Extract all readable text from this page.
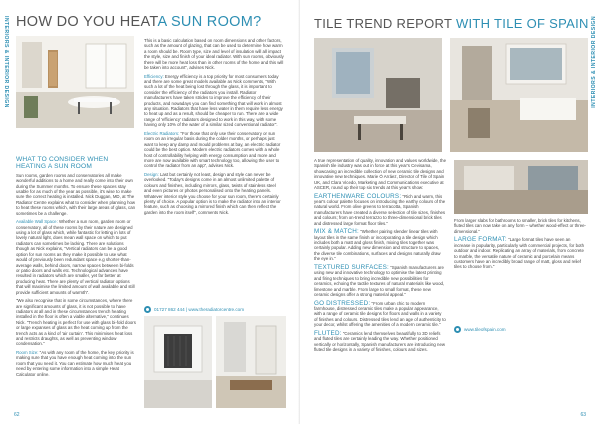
INTERIORS & INTERIOR DESIGN HOW DO YOU HEATA SUN ROOM?
WHAT TO CONSIDER WHEN HEATING A SUN ROOM

Sun rooms, garden rooms and conservatories all make wonderful additions to a home and really come into their own during the Summer months. To ensure these spaces stay usable for as much of the year as possible, it's wise to make sure the correct heating is installed. Nick Duggan, MD, at The Radiator Centre explains what to consider when planning how to heat these rooms which, with their large areas of glass, can sometimes be a challenge.

Available Wall Space: Whether a sun room, garden room or conservatory, all of these rooms by their nature are designed using a lot of glass which, while fantastic for letting in lots of lovely natural light, does mean wall space on which to put radiators can sometimes be lacking. There are solutions though as Nick explains, "Vertical radiators can be a good option for sun rooms as they make it possible to use what would of previously been redundant space e.g shorter-than-average walls, behind doors, narrow spaces between bi-folds or patio doors and walls etc. Technological advances have resulted in radiators which are smaller, yet far better at producing heat. There are plenty of vertical radiator options that will maximise the limited amount of wall available and still provide sufficient amounts of warmth".

"We also recognise that in some circumstances, where there are significant amounts of glass, it is not possible to have radiators at all and in these circumstances trench heating installed in the floor is often a viable alternative," continues Nick. "Trench heating is perfect for use with glass bi-fold doors or large expanses of glass as the heat coming up from the trench acts as a kind of 'air curtain'. This minimises heat loss and restricts draughts, as well as preventing window condensation."

Room Size: "As with any room of the home, the key priority is making sure that you have enough heat coming into the sun room that you need it. You can estimate how much heat you need by entering some information into a simple Heat Calculator online.

This is a basic calculation based on room dimensions and other factors, such as the amount of glazing, that can be used to determine how warm a room should be. Room type, size and level of insulation will all impact the style, size and finish of your ideal radiator. With sun rooms, obviously there will be more heat loss than in other rooms of the home and this will be taken into account", advises Nick.

Efficiency: Energy efficiency is a top priority for most consumers today and there are some great models available as Nick comments, "With such a lot of the heat being lost through the glass, it is important to consider the efficiency of the radiators you install. Radiator manufacturers have taken strides to improve the efficiency of their products, and nowadays you can find something that will work in almost any situation. Radiators that have less water in them require less energy to heat up and as a result, should be cheaper to run. There are a wide range of 'efficiency' radiators designed to work in this way, with some having only 10% of the water of a similar sized conventional radiator".

Electric Radiators: "For those that only use their conservatory or sun room on an irregular basis during the colder months, or perhaps just want to keep any damp and mould problems at bay, an electric radiator could be the best option. Modern electric radiators comes with a whole host of controllability helping with energy consumption and more and more are now available with smart technology too, allowing the user to control the radiator from an app", advises Nick.

Design: Last but certainly not least, design and style can never be overlooked. "Today's designs come in an almost unlimited palette of colours and finishes, including mirrors, glass, twists of stainless steel and even pictures or photos personalised onto the heating panels. Whatever interior style you choose for your sun room, there's certainly plenty of choice. A popular option is to make the radiator into an interior feature, such as choosing a mirrored finish which can then reflect the garden into the room itself", comments Nick.

01727 862 444 | www.theradiatorcentre.com
62
INTERIORS & INTERIOR DESIGN
TILE TREND REPORT WITH TILE OF SPAIN

A true representation of quality, innovation and values worldwide, the Spanish tile industry was out in force at this year's Cevisama, showcasing an incredible collection of new ceramic tile designs and innovative new techniques. Marie Ó Arráez, Director of Tile of Spain UK, and Clara Vicedo, Marketing and Communications executive at ASCER, round up their top six trends at this year's show:

EARTHENWARE COLOURS: "Rich and warm, this year's colour palette focuses on introducing the earthy colours of the natural world. From olive greens to terracotta, Spanish manufacturers have created a diverse selection of tile sizes, finishes and colours; from on-trend terrazzo to three-dimensional brick tiles and distressed large format floor tiles."

MIX & MATCH: "Whether pairing slender linear tiles with layout tiles in the same finish or incorporating a tile design which includes both a matt and gloss finish, mixing tiles together was certainly popular. Adding new dimension and structure to spaces, the diverse tile combinations, surfaces and designs naturally draw the eye in."

TEXTURED SURFACES: "Spanish manufacturers are using new and innovative technology to optimise the latest printing and firing techniques to bring incredible new possibilities for ceramics, echoing the tactile textures of natural materials like wood, limestone and marble. From large to small format, these new ceramic designs offer a strong material appeal."

GO DISTRESSED: "From urban chic to modern farmhouse, distressed ceramic tiles make a popular appearance, with a range of ceramic tile designs for floors and walls in a variety of finishes and colours. Distressed tiles lend an age of authenticity to your decor, whilst offering the amenities of a modern ceramic tile."

FLUTED: "Ceramics lend themselves beautifully to 3D reliefs and fluted tiles are certainly leading the way. Whether positioned vertically or horizontally, Spanish manufacturers are introducing new fluted tile designs in a variety of finishes, colours and sizes.

From larger slabs for bathrooms to smaller, brick tiles for kitchens, fluted tiles can now take on any form – whether wood-effect or three-dimensional."

LARGE FORMAT: "Large format tiles have seen an increase in popularity, particularly with commercial projects, for both outdoor and indoor. Replicating an array of materials, from concrete to marble, the versatile nature of ceramic and porcelain means customers have an incredibly broad range of matt, gloss and relief tiles to choose from."

www.tileofspain.com
63
